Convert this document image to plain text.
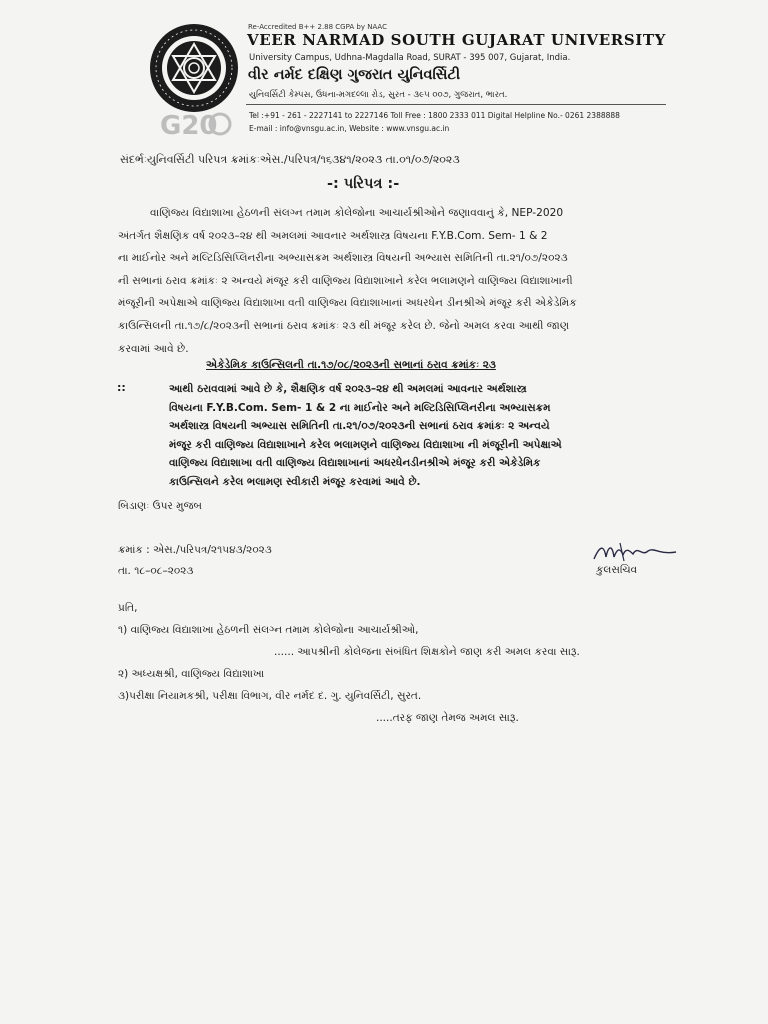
G20
Re-Accredited B++ 2.88 CGPA by NAAC
VEER NARMAD SOUTH GUJARAT UNIVERSITY
University Campus, Udhna-Magdalla Road, SURAT - 395 007, Gujarat, India.
વીર નર્મદ દક્ષિણ ગુજરાત યુનિવર્સિટી
યુનિવર્સિટી કેમ્પસ, ઉધના-મગદલ્લા રોડ, સુરત - ૩૯૫ ૦૦૭, ગુજરાત, ભારત.
Tel :+91 - 261 - 2227141 to 2227146 Toll Free : 1800 2333 011 Digital Helpline No.- 0261 2388888
E-mail : info@vnsgu.ac.in, Website : www.vnsgu.ac.in
સંદર્ભઃયુનિવર્સિટી પરિપત્ર ક્રમાંકઃએસ./પરિપત્ર/૧૬૩૪૧/૨૦૨૩ તા.૦૧/૦૭/૨૦૨૩
-: પરિપત્ર :-
વાણિજ્ય વિદ્યાશાખા હેઠળની સંલગ્ન તમામ કોલેજોના આચાર્યશ્રીઓને જણાવવાનું કે, NEP-2020
અંતર્ગત શૈક્ષણિક વર્ષ ૨૦૨૩–૨૪ થી અમલમાં આવનાર અર્થશાસ્ત્ર વિષયના F.Y.B.Com. Sem- 1 & 2
ના માઈનોર અને મલ્ટિડિસિપ્લિનરીના અભ્યાસક્રમ અર્થશાસ્ત્ર વિષયની અભ્યાસ સમિતિની તા.૨૧/૦૭/૨૦૨૩
ની સભાનાં ઠરાવ ક્રમાંકઃ ૨ અન્વયે મંજૂર કરી વાણિજ્ય વિદ્યાશાખાને કરેલ ભલામણને વાણિજ્ય વિદ્યાશાખાની
મંજૂરીની અપેક્ષાએ વાણિજ્ય વિદ્યાશાખા વતી વાણિજ્ય વિદ્યાશાખાનાં અધરધેન ડીનશ્રીએ મંજૂર કરી એકેડેમિક
કાઉન્સિલની તા.૧૭/૮/૨૦૨૩ની સભાનાં ઠરાવ ક્રમાંકઃ ૨૩ થી મંજૂર કરેલ છે. જેનો અમલ કરવા આથી જાણ
કરવામાં આવે છે.
એકેડેમિક કાઉન્સિલની તા.૧૭/૦૮/૨૦૨૩ની સભાનાં ઠરાવ ક્રમાંકઃ ૨૩
::	આથી ઠરાવવામાં આવે છે કે, શૈક્ષણિક વર્ષ ૨૦૨૩–૨૪ થી અમલમાં આવનાર અર્થશાસ્ત્ર
વિષયના F.Y.B.Com. Sem- 1 & 2 ના માઈનોર અને મલ્ટિડિસિપ્લિનરીના અભ્યાસક્રમ
અર્થશાસ્ત્ર વિષયની અભ્યાસ સમિતિની તા.૨૧/૦૭/૨૦૨૩ની સભાનાં ઠરાવ ક્રમાંકઃ ૨ અન્વયે
મંજૂર કરી વાણિજ્ય વિદ્યાશાખાને કરેલ ભલામણને વાણિજ્ય વિદ્યાશાખા ની મંજૂરીની અપેક્ષાએ
વાણિજ્ય વિદ્યાશાખા વતી વાણિજ્ય વિદ્યાશાખાનાં અધરધેનડીનશ્રીએ મંજૂર કરી એકેડેમિક
કાઉન્સિલને કરેલ ભલામણ સ્વીકારી મંજૂર કરવામાં આવે છે.
બિડાણઃ ઉપર મુજબ
ક્રમાંક : એસ./પરિપત્ર/૨૧૫૪૩/૨૦૨૩
તા. ૧૮–૦૮–૨૦૨૩	કુલસચિવ
પ્રતિ,
૧) વાણિજ્ય વિદ્યાશાખા હેઠળની સંલગ્ન તમામ કોલેજોના આચાર્યશ્રીઓ,
...... આપશ્રીની કોલેજના સંબંધિત શિક્ષકોને જાણ કરી અમલ કરવા સારૂ.
૨) અધ્યક્ષશ્રી, વાણિજ્ય વિદ્યાશાખા
૩)પરીક્ષા નિયામકશ્રી, પરીક્ષા વિભાગ, વીર નર્મદ દ. ગુ. યુનિવર્સિટી, સુરત.
.....તરફ જાણ તેમજ અમલ સારૂ.
